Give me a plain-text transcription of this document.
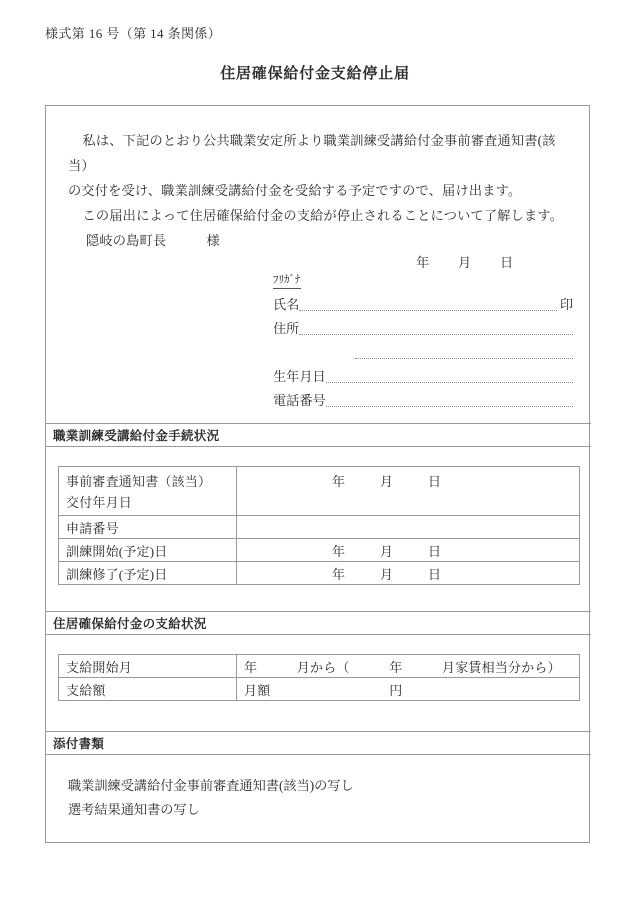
様式第 16 号（第 14 条関係）
住居確保給付金支給停止届

私は、下記のとおり公共職業安定所より職業訓練受講給付金事前審査通知書(該当）

の交付を受け、職業訓練受講給付金を受給する予定ですので、届け出ます。

この届出によって住居確保給付金の支給が停止されることについて了解します。

隠岐の島町長　　　様
年	月	日
ﾌﾘｶﾞﾅ
氏名	印
住所
生年月日
電話番号
職業訓練受講給付金手続状況
事前審査通知書（該当）
交付年月日

年	月	日

申請番号	
訓練開始(予定)日	年 月 日

訓練修了(予定)日	年 月 日
住居確保給付金の支給状況
支給開始月	年　　　月から（　　　年　　　月家賃相当分から）
支給額	月額　　　　　　　　　円
添付書類
職業訓練受講給付金事前審査通知書(該当)の写し
選考結果通知書の写し
